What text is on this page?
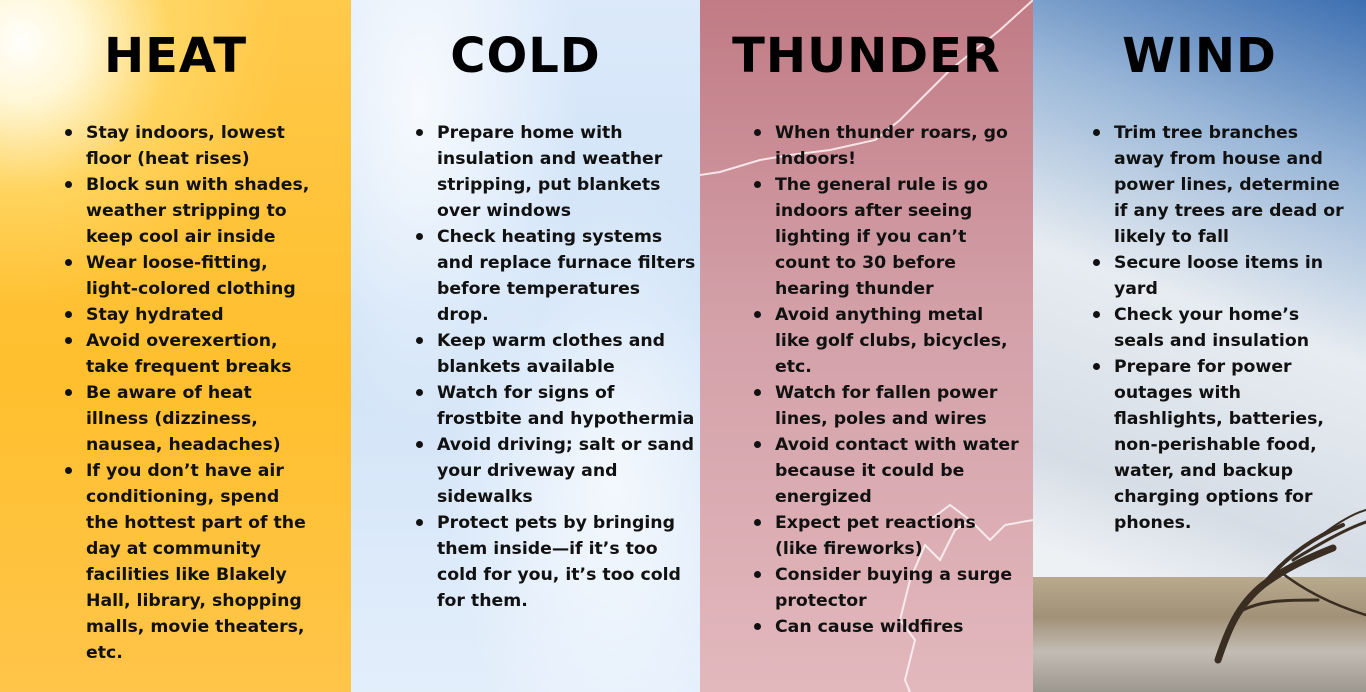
HEAT
Stay indoors, lowest floor (heat rises)
Block sun with shades, weather stripping to keep cool air inside
Wear loose-fitting, light-colored clothing
Stay hydrated
Avoid overexertion, take frequent breaks
Be aware of heat illness (dizziness, nausea, headaches)
If you don’t have air conditioning, spend the hottest part of the day at community facilities like Blakely Hall, library, shopping malls, movie theaters, etc.
COLD
Prepare home with insulation and weather stripping, put blankets over windows
Check heating systems and replace furnace filters before temperatures drop.
Keep warm clothes and blankets available
Watch for signs of frostbite and hypothermia
Avoid driving; salt or sand your driveway and sidewalks
Protect pets by bringing them inside—if it’s too cold for you, it’s too cold for them.
THUNDER
When thunder roars, go indoors!
The general rule is go indoors after seeing lighting if you can’t count to 30 before hearing thunder
Avoid anything metal like golf clubs, bicycles, etc.
Watch for fallen power lines, poles and wires
Avoid contact with water because it could be energized
Expect pet reactions (like fireworks)
Consider buying a surge protector
Can cause wildfires
WIND
Trim tree branches away from house and power lines, determine if any trees are dead or likely to fall
Secure loose items in yard
Check your home’s seals and insulation
Prepare for power outages with flashlights, batteries, non-perishable food, water, and backup charging options for phones.
